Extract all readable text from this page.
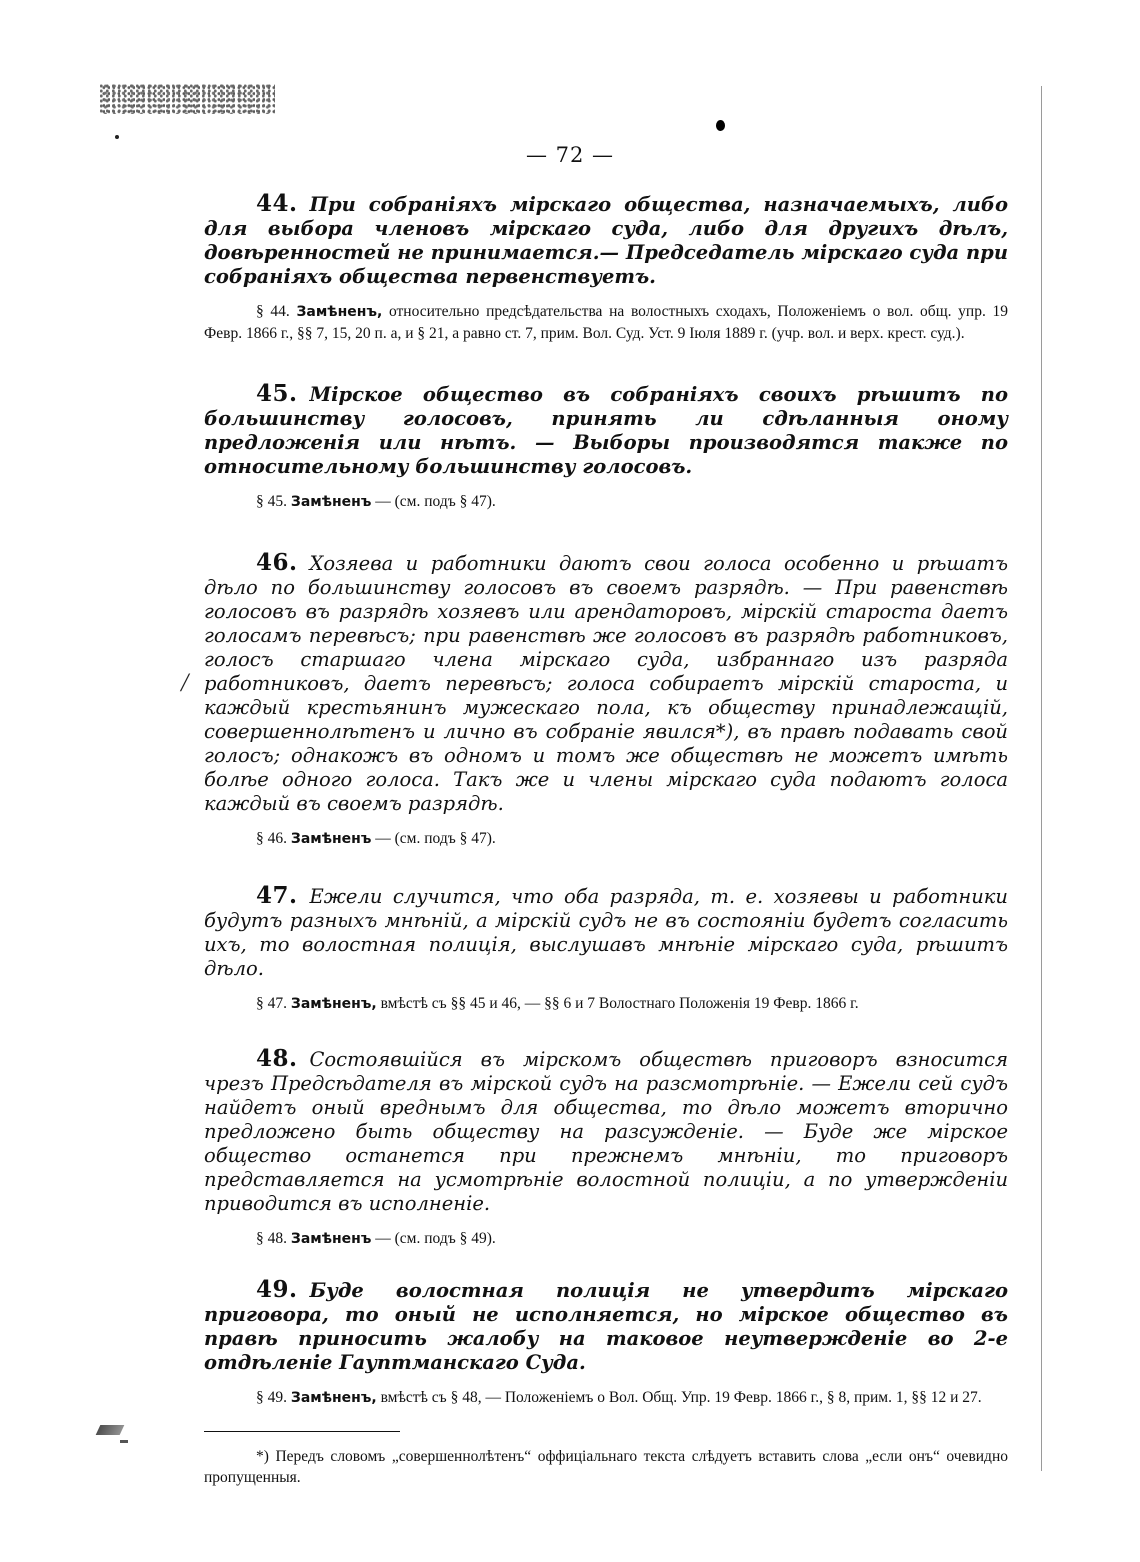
/
— 72 —

44. При собраніяхъ мірскаго общества, назначаемыхъ, либо для выбора членовъ мірскаго суда, либо для другихъ дѣлъ, довѣренностей не принимается.— Председатель мірскаго суда при собраніяхъ общества первенствуетъ.

§ 44. Замѣненъ, относительно предсѣдательства на волостныхъ сходахъ, Положеніемъ о вол. общ. упр. 19 Февр. 1866 г., §§ 7, 15, 20 п. а, и § 21, а равно ст. 7, прим. Вол. Суд. Уст. 9 Іюля 1889 г. (учр. вол. и верх. крест. суд.).

45. Мірское общество въ собраніяхъ своихъ рѣшитъ по большинству голосовъ, принять ли сдѣланныя оному предложенія или нѣтъ. — Выборы производятся также по относительному большинству голосовъ.

§ 45. Замѣненъ — (см. подъ § 47).

46. Хозяева и работники даютъ свои голоса особенно и рѣшатъ дѣло по большинству голосовъ въ своемъ разрядѣ. — При равенствѣ голосовъ въ разрядѣ хозяевъ или арендаторовъ, мірскій староста даетъ голосамъ перевѣсъ; при равенствѣ же голосовъ въ разрядѣ работниковъ, голосъ старшаго члена мірскаго суда, избраннаго изъ разряда работниковъ, даетъ перевѣсъ; голоса собираетъ мірскій староста, и каждый крестьянинъ мужескаго пола, къ обществу принадлежащій, совершеннолѣтенъ и лично въ собраніе явился*), въ правѣ подавать свой голосъ; однакожъ въ одномъ и томъ же обществѣ не можетъ имѣть болѣе одного голоса. Такъ же и члены мірскаго суда подаютъ голоса каждый въ своемъ разрядѣ.

§ 46. Замѣненъ — (см. подъ § 47).

47. Ежели случится, что оба разряда, т. е. хозяевы и работники будутъ разныхъ мнѣній, а мірскій судъ не въ состояніи будетъ согласить ихъ, то волостная полиція, выслушавъ мнѣніе мірскаго суда, рѣшитъ дѣло.

§ 47. Замѣненъ, вмѣстѣ съ §§ 45 и 46, — §§ 6 и 7 Волостнаго Положенія 19 Февр. 1866 г.

48. Состоявшійся въ мірскомъ обществѣ приговоръ взносится чрезъ Предсѣдателя въ мірской судъ на разсмотрѣніе. — Ежели сей судъ найдетъ оный вреднымъ для общества, то дѣло можетъ вторично предложено быть обществу на разсужденіе. — Буде же мірское общество останется при прежнемъ мнѣніи, то приговоръ представляется на усмотрѣніе волостной полиціи, а по утвержденіи приводится въ исполненіе.

§ 48. Замѣненъ — (см. подъ § 49).

49. Буде волостная полиція не утвердитъ мірскаго приговора, то оный не исполняется, но мірское общество въ правѣ приносить жалобу на таковое неутвержденіе во 2-е отдѣленіе Гауптманскаго Суда.

§ 49. Замѣненъ, вмѣстѣ съ § 48, — Положеніемъ о Вол. Общ. Упр. 19 Февр. 1866 г., § 8, прим. 1, §§ 12 и 27.

*) Передъ словомъ „совершеннолѣтенъ“ оффиціальнаго текста слѣдуетъ вставить слова „если онъ“ очевидно пропущенныя.
